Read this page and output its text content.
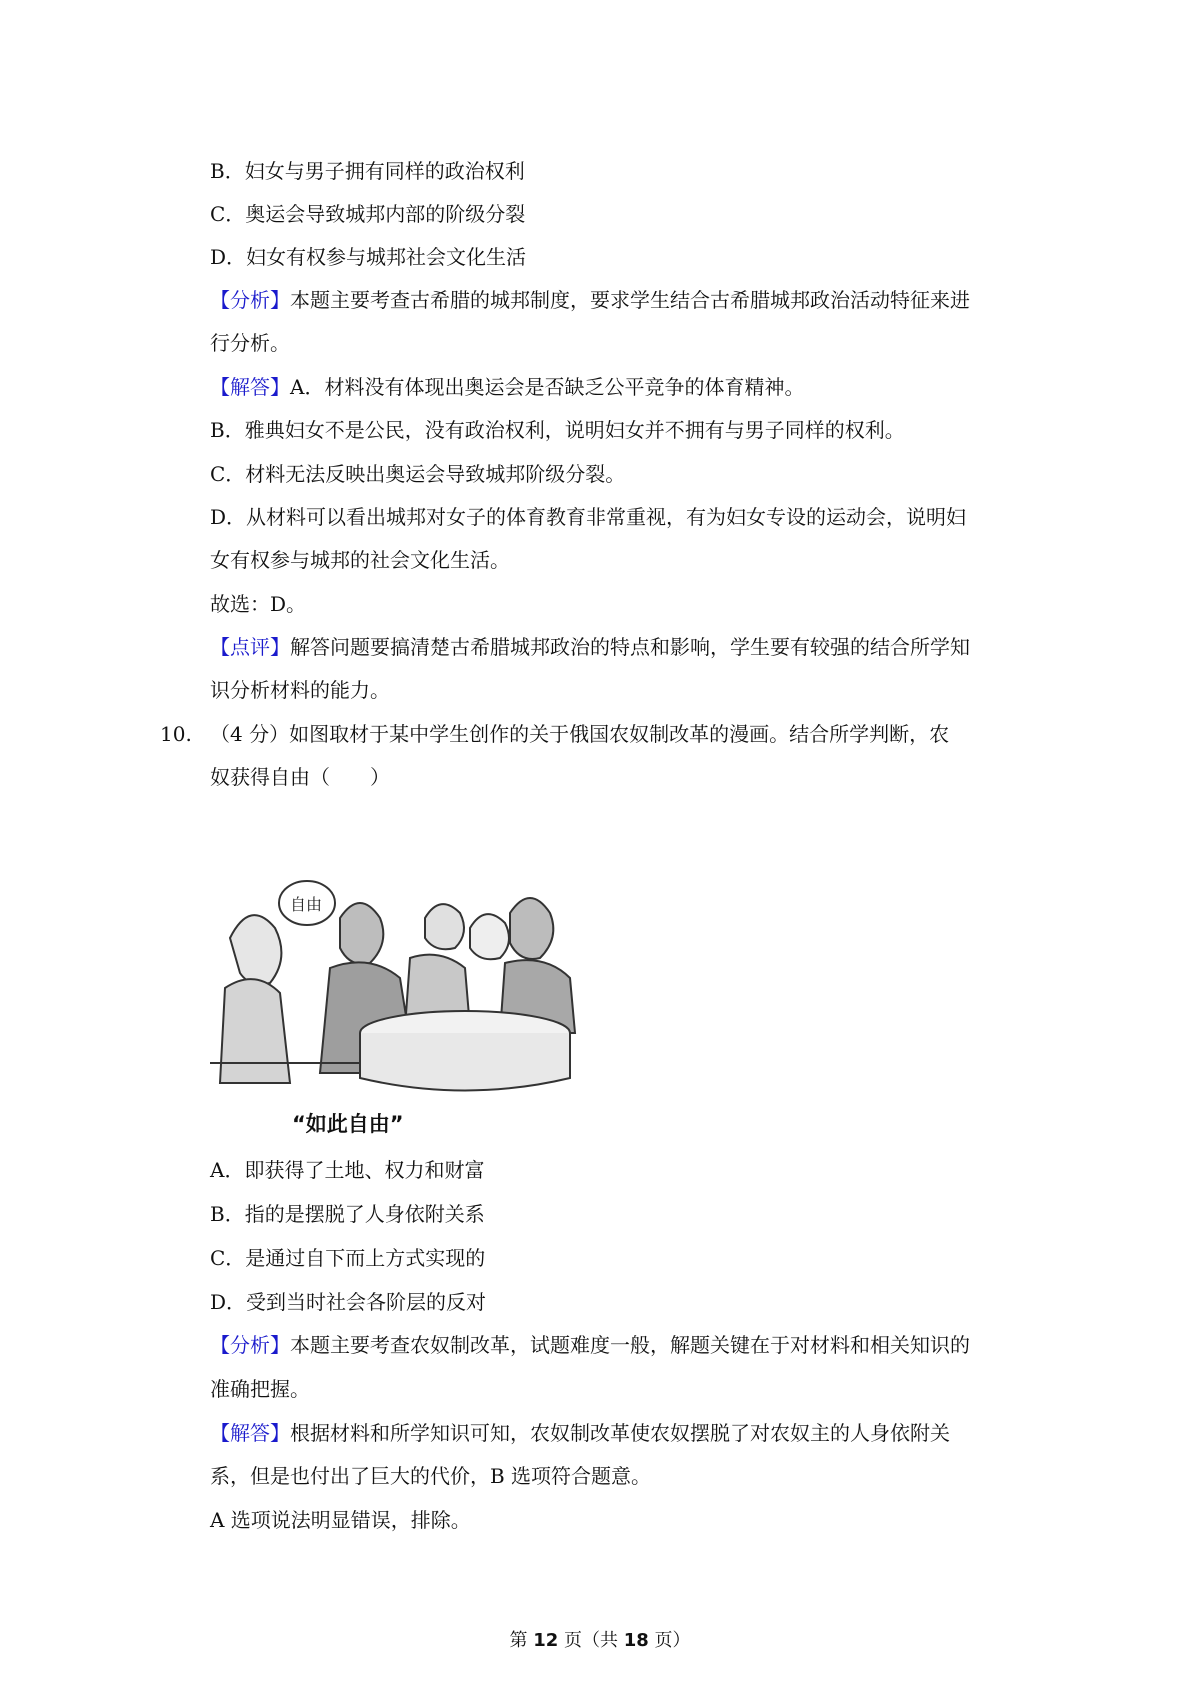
B．妇女与男子拥有同样的政治权利
C．奥运会导致城邦内部的阶级分裂
D．妇女有权参与城邦社会文化生活
【分析】本题主要考查古希腊的城邦制度，要求学生结合古希腊城邦政治活动特征来进
行分析。
【解答】A．材料没有体现出奥运会是否缺乏公平竞争的体育精神。
B．雅典妇女不是公民，没有政治权利，说明妇女并不拥有与男子同样的权利。
C．材料无法反映出奥运会导致城邦阶级分裂。
D．从材料可以看出城邦对女子的体育教育非常重视，有为妇女专设的运动会，说明妇
女有权参与城邦的社会文化生活。
故选：D。
【点评】解答问题要搞清楚古希腊城邦政治的特点和影响，学生要有较强的结合所学知
识分析材料的能力。
10. （4 分）如图取材于某中学生创作的关于俄国农奴制改革的漫画。结合所学判断，农
奴获得自由（　　）
自由
“如此自由”
A．即获得了土地、权力和财富
B．指的是摆脱了人身依附关系
C．是通过自下而上方式实现的
D．受到当时社会各阶层的反对
【分析】本题主要考查农奴制改革，试题难度一般，解题关键在于对材料和相关知识的
准确把握。
【解答】根据材料和所学知识可知，农奴制改革使农奴摆脱了对农奴主的人身依附关
系，但是也付出了巨大的代价，B 选项符合题意。
A 选项说法明显错误，排除。
第 12 页（共 18 页）
